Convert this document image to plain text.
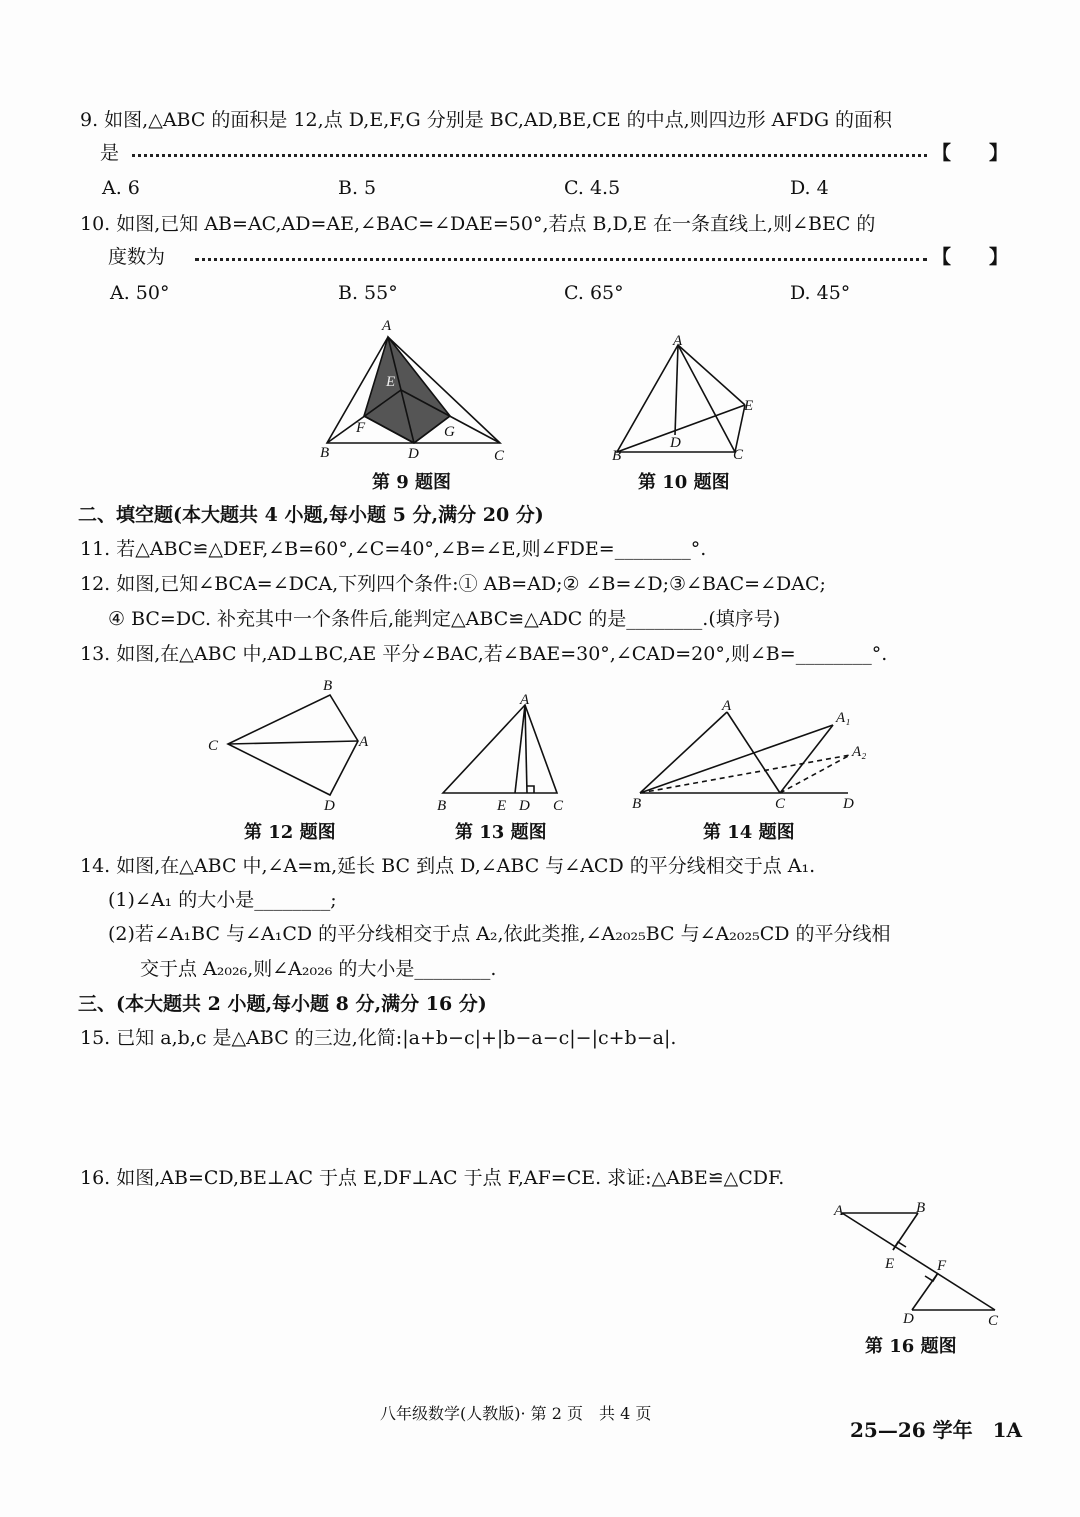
9. 如图,△ABC 的面积是 12,点 D,E,F,G 分别是 BC,AD,BE,CE 的中点,则四边形 AFDG 的面积
是	【　　】
A. 6	B. 5	C. 4.5	D. 4
10. 如图,已知 AB=AC,AD=AE,∠BAC=∠DAE=50°,若点 B,D,E 在一条直线上,则∠BEC 的
度数为	【　　】
A. 50°	B. 55°	C. 65°	D. 45°
A
B	C
D
E
F	G
A
B	C
D
E
A
B
C
D
A
B	C
D
E
A
A₁
A₂
B	C	D
A	B
C
D
E	F
第 9 题图	第 10 题图
二、填空题(本大题共 4 小题,每小题 5 分,满分 20 分)
11. 若△ABC≌△DEF,∠B=60°,∠C=40°,∠B=∠E,则∠FDE=________°.
12. 如图,已知∠BCA=∠DCA,下列四个条件:① AB=AD;② ∠B=∠D;③∠BAC=∠DAC;
④ BC=DC. 补充其中一个条件后,能判定△ABC≌△ADC 的是________.(填序号)
13. 如图,在△ABC 中,AD⊥BC,AE 平分∠BAC,若∠BAE=30°,∠CAD=20°,则∠B=________°.
第 12 题图	第 13 题图	第 14 题图
14. 如图,在△ABC 中,∠A=m,延长 BC 到点 D,∠ABC 与∠ACD 的平分线相交于点 A₁.
(1)∠A₁ 的大小是________;
(2)若∠A₁BC 与∠A₁CD 的平分线相交于点 A₂,依此类推,∠A₂₀₂₅BC 与∠A₂₀₂₅CD 的平分线相
交于点 A₂₀₂₆,则∠A₂₀₂₆ 的大小是________.
三、(本大题共 2 小题,每小题 8 分,满分 16 分)
15. 已知 a,b,c 是△ABC 的三边,化简:|a+b−c|+|b−a−c|−|c+b−a|.
16. 如图,AB=CD,BE⊥AC 于点 E,DF⊥AC 于点 F,AF=CE. 求证:△ABE≌△CDF.
第 16 题图
八年级数学(人教版)· 第 2 页　共 4 页
25—26 学年　1A
